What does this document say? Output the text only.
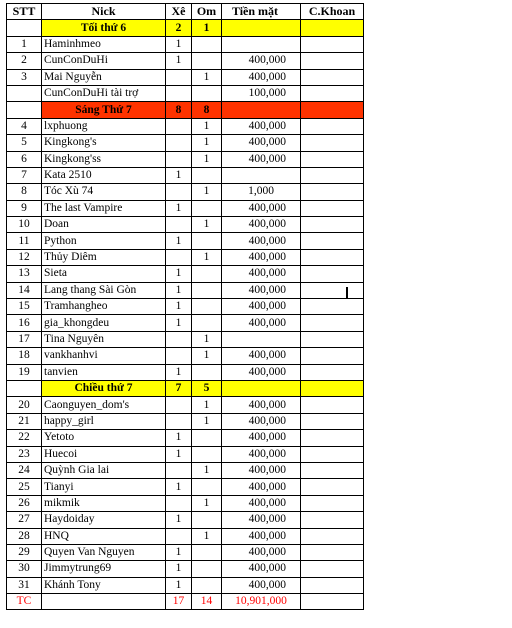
STT	Nick	Xê	Om	Tiền mặt	C.Khoan
	Tối thứ 6	2	1		
1	Haminhmeo	1			
2	CunConDuHi	1		400,000	
3	Mai Nguyễn		1	400,000	
	CunConDuHi tài trợ			100,000	
	Sáng Thứ 7	8	8		
4	lxphuong		1	400,000	
5	Kingkong's		1	400,000	
6	Kingkong'ss		1	400,000	
7	Kata 2510	1			
8	Tóc Xù 74		1	1,000	
9	The last Vampire	1		400,000	
10	Doan		1	400,000	
11	Python	1		400,000	
12	Thủy Diêm		1	400,000	
13	Sieta	1		400,000	
14	Lang thang Sài Gòn	1		400,000	
15	Tramhangheo	1		400,000	
16	gia_khongdeu	1		400,000	
17	Tina Nguyên		1		
18	vankhanhvi		1	400,000	
19	tanvien	1		400,000	
	Chiều thứ 7	7	5		
20	Caonguyen_dom's		1	400,000	
21	happy_girl		1	400,000	
22	Yetoto	1		400,000	
23	Huecoi	1		400,000	
24	Quỳnh Gia lai		1	400,000	
25	Tianyi	1		400,000	
26	mikmik		1	400,000	
27	Haydoiday	1		400,000	
28	HNQ		1	400,000	
29	Quyen Van Nguyen	1		400,000	
30	Jimmytrung69	1		400,000	
31	Khánh Tony	1		400,000	
TC		17	14	10,901,000	
